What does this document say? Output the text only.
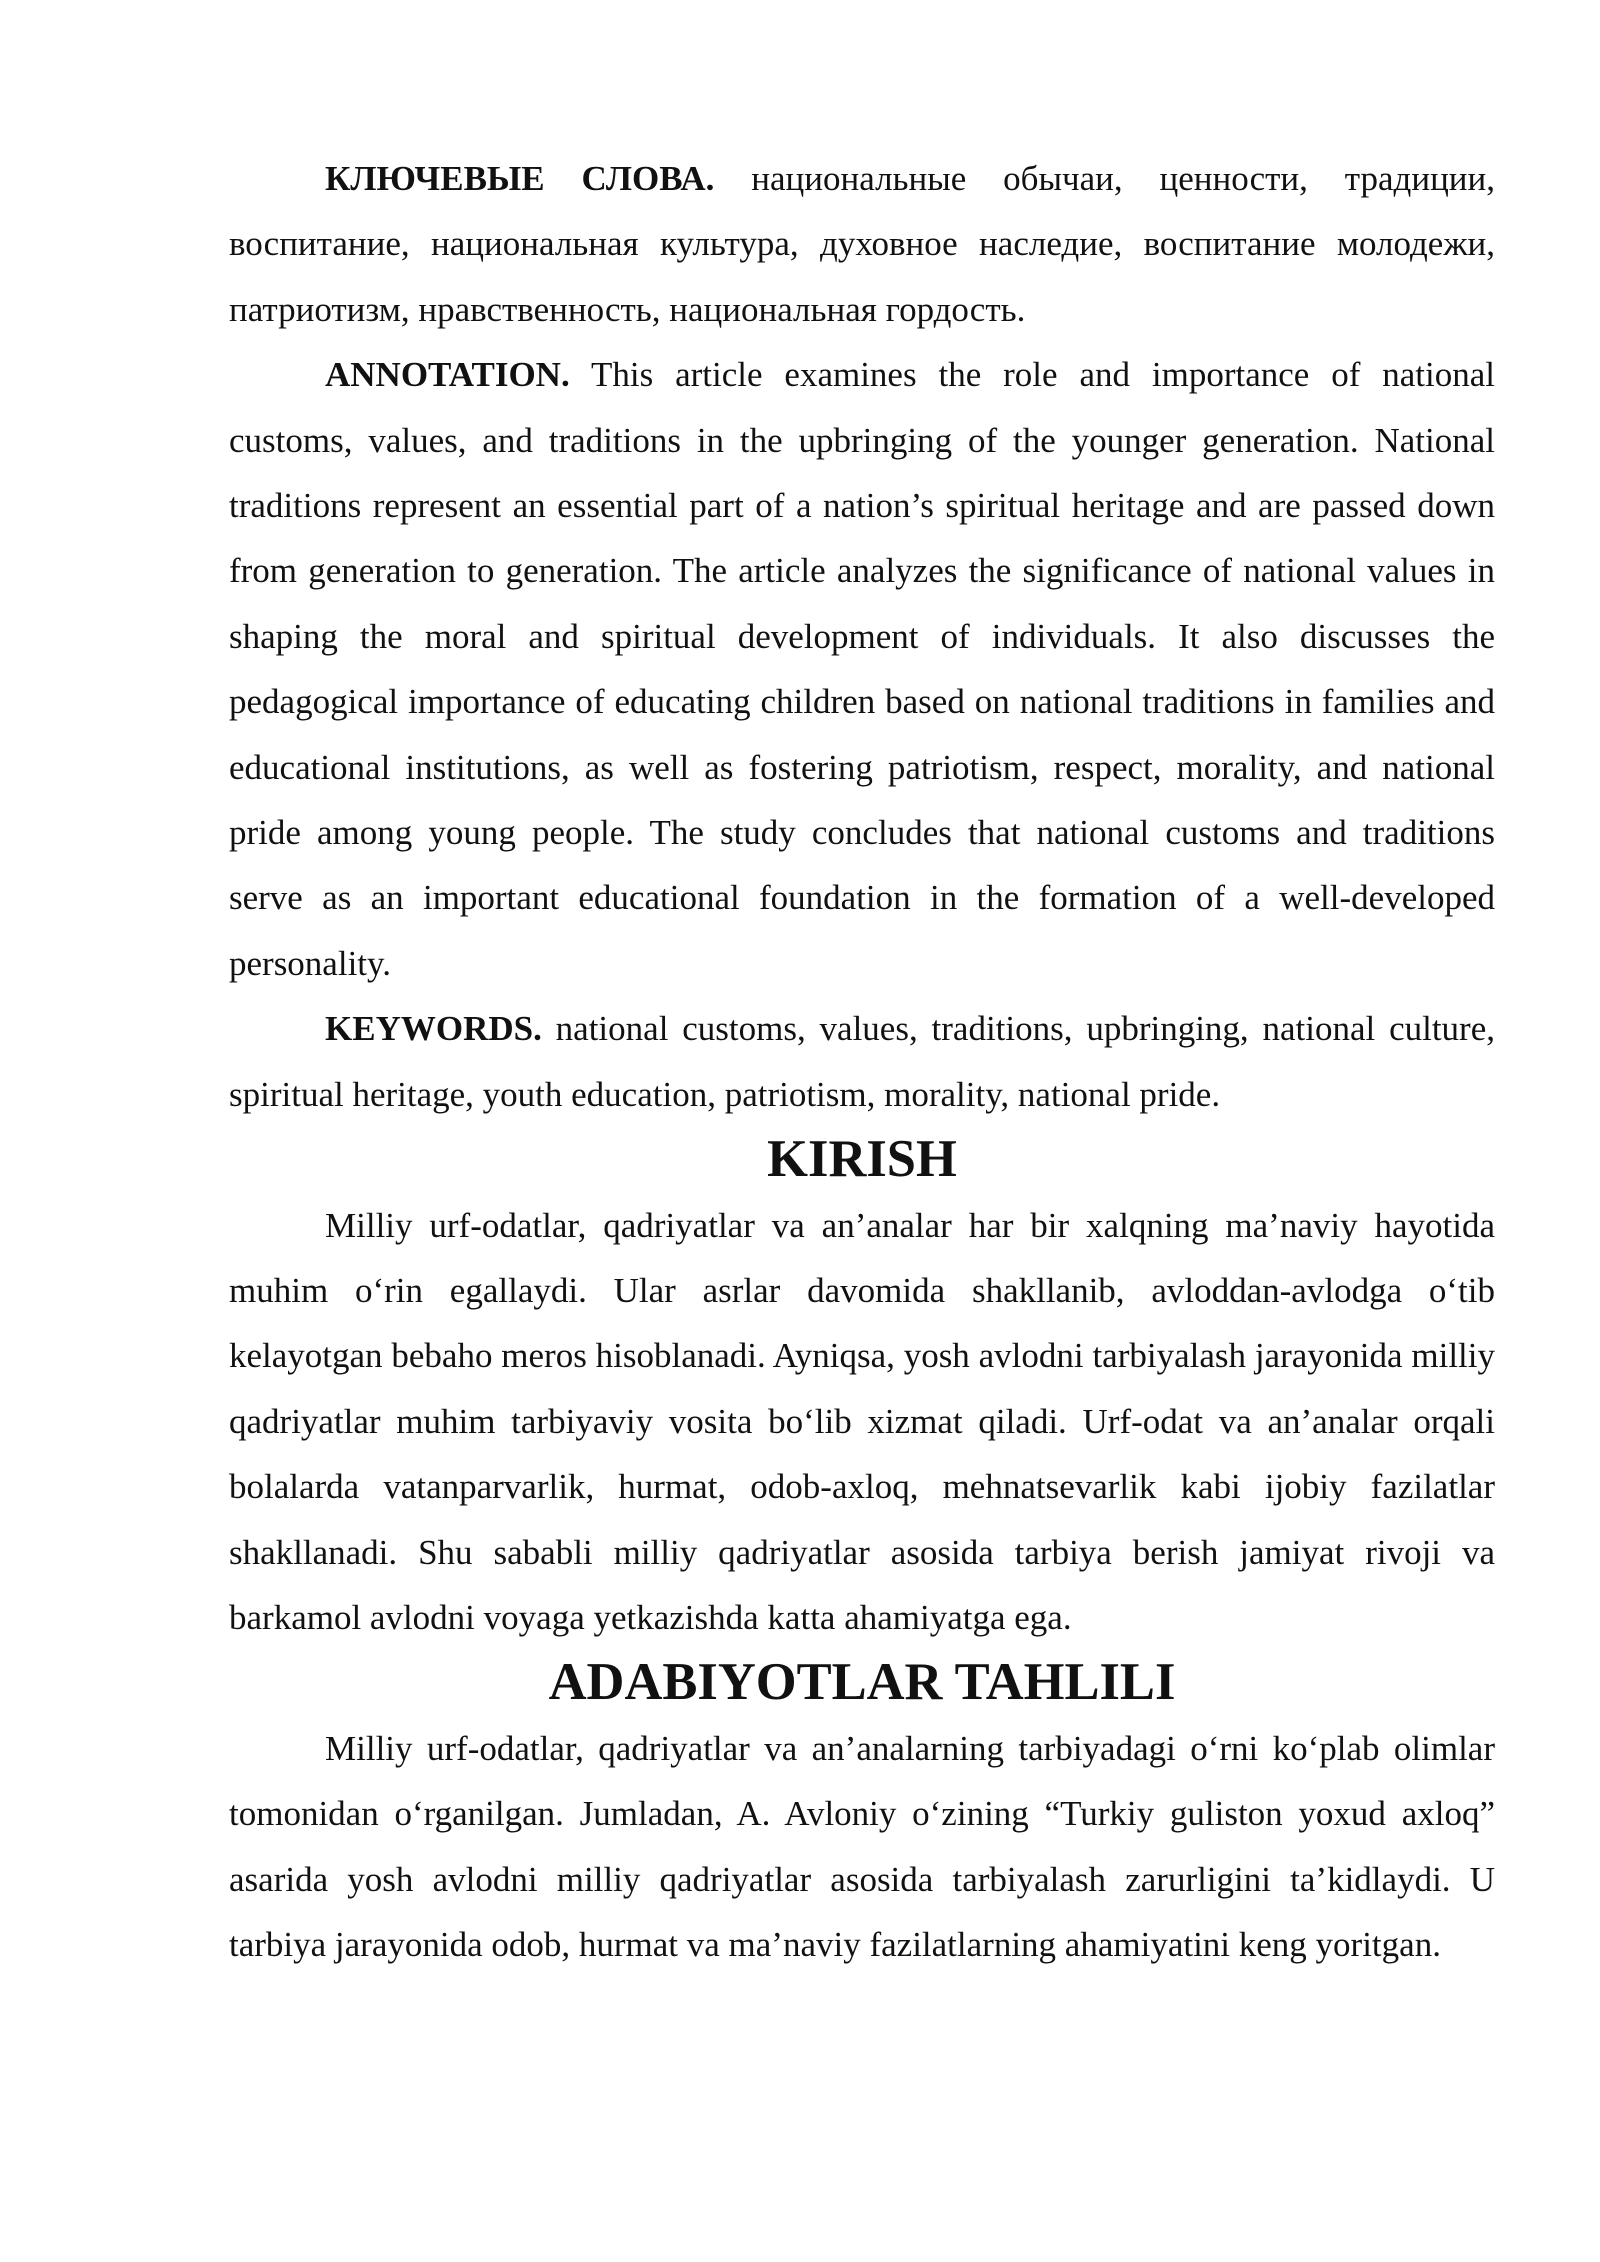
КЛЮЧЕВЫЕ СЛОВА. национальные обычаи, ценности, традиции, воспитание, национальная культура, духовное наследие, воспитание молодежи, патриотизм, нравственность, национальная гордость.

ANNOTATION. This article examines the role and importance of national customs, values, and traditions in the upbringing of the younger generation. National traditions represent an essential part of a nation’s spiritual heritage and are passed down from generation to generation. The article analyzes the significance of national values in shaping the moral and spiritual development of individuals. It also discusses the pedagogical importance of educating children based on national traditions in families and educational institutions, as well as fostering patriotism, respect, morality, and national pride among young people. The study concludes that national customs and traditions serve as an important educational foundation in the formation of a well-developed personality.

KEYWORDS. national customs, values, traditions, upbringing, national culture, spiritual heritage, youth education, patriotism, morality, national pride.

KIRISH

Milliy urf-odatlar, qadriyatlar va an’analar har bir xalqning ma’naviy hayotida muhim o‘rin egallaydi. Ular asrlar davomida shakllanib, avloddan-avlodga o‘tib kelayotgan bebaho meros hisoblanadi. Ayniqsa, yosh avlodni tarbiyalash jarayonida milliy qadriyatlar muhim tarbiyaviy vosita bo‘lib xizmat qiladi. Urf-odat va an’analar orqali bolalarda vatanparvarlik, hurmat, odob-axloq, mehnatsevarlik kabi ijobiy fazilatlar shakllanadi. Shu sababli milliy qadriyatlar asosida tarbiya berish jamiyat rivoji va barkamol avlodni voyaga yetkazishda katta ahamiyatga ega.

ADABIYOTLAR TAHLILI

Milliy urf-odatlar, qadriyatlar va an’analarning tarbiyadagi o‘rni ko‘plab olimlar tomonidan o‘rganilgan. Jumladan, A. Avloniy o‘zining “Turkiy guliston yoxud axloq” asarida yosh avlodni milliy qadriyatlar asosida tarbiyalash zarurligini ta’kidlaydi. U tarbiya jarayonida odob, hurmat va ma’naviy fazilatlarning ahamiyatini keng yoritgan.
